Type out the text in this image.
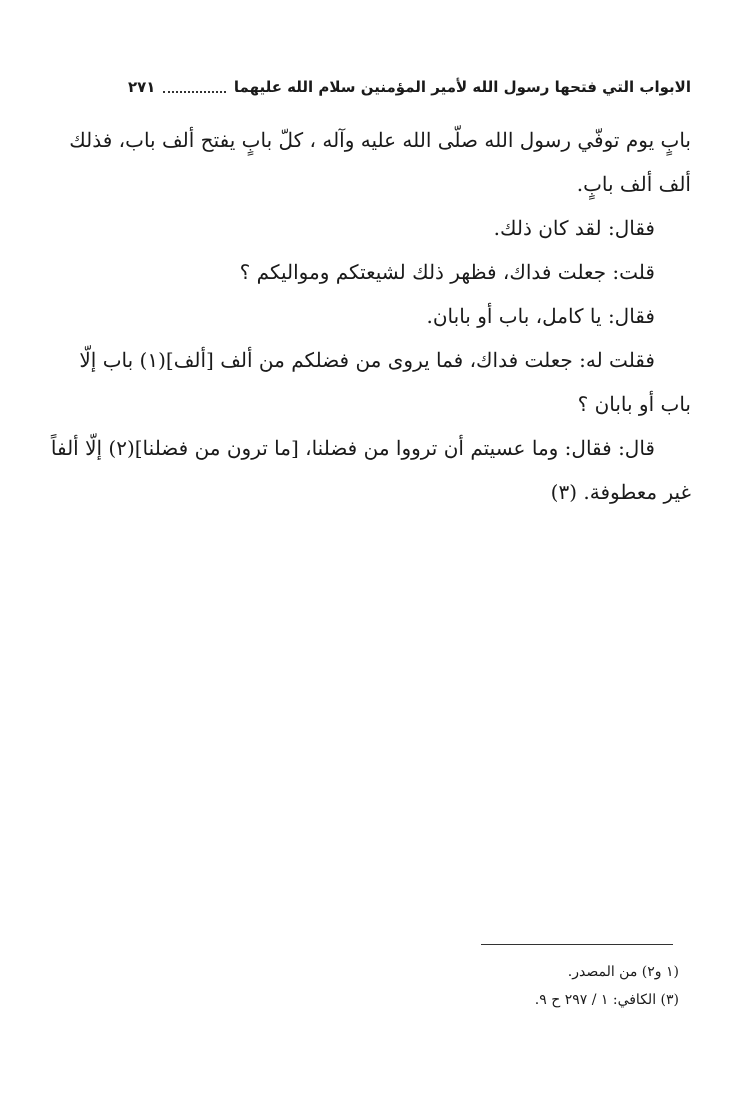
الابواب التي فتحها رسول الله لأمير المؤمنين سلام الله عليهما
٢٧١
بابٍ يوم توفّي رسول الله صلّى الله عليه وآله ، كلّ بابٍ يفتح ألف باب، فذلك
ألف ألف بابٍ.
فقال: لقد كان ذلك.
قلت: جعلت فداك، فظهر ذلك لشيعتكم ومواليكم ؟
فقال: يا كامل، باب أو بابان.
فقلت له: جعلت فداك، فما يروى من فضلكم من ألف [ألف](١) باب إلّا
باب أو بابان ؟
قال: فقال: وما عسيتم أن ترووا من فضلنا، [ما ترون من فضلنا](٢) إلّا ألفاً
غير معطوفة. (٣)
(١ و٢) من المصدر.
(٣) الكافي: ١ / ٢٩٧ ح ٩.
